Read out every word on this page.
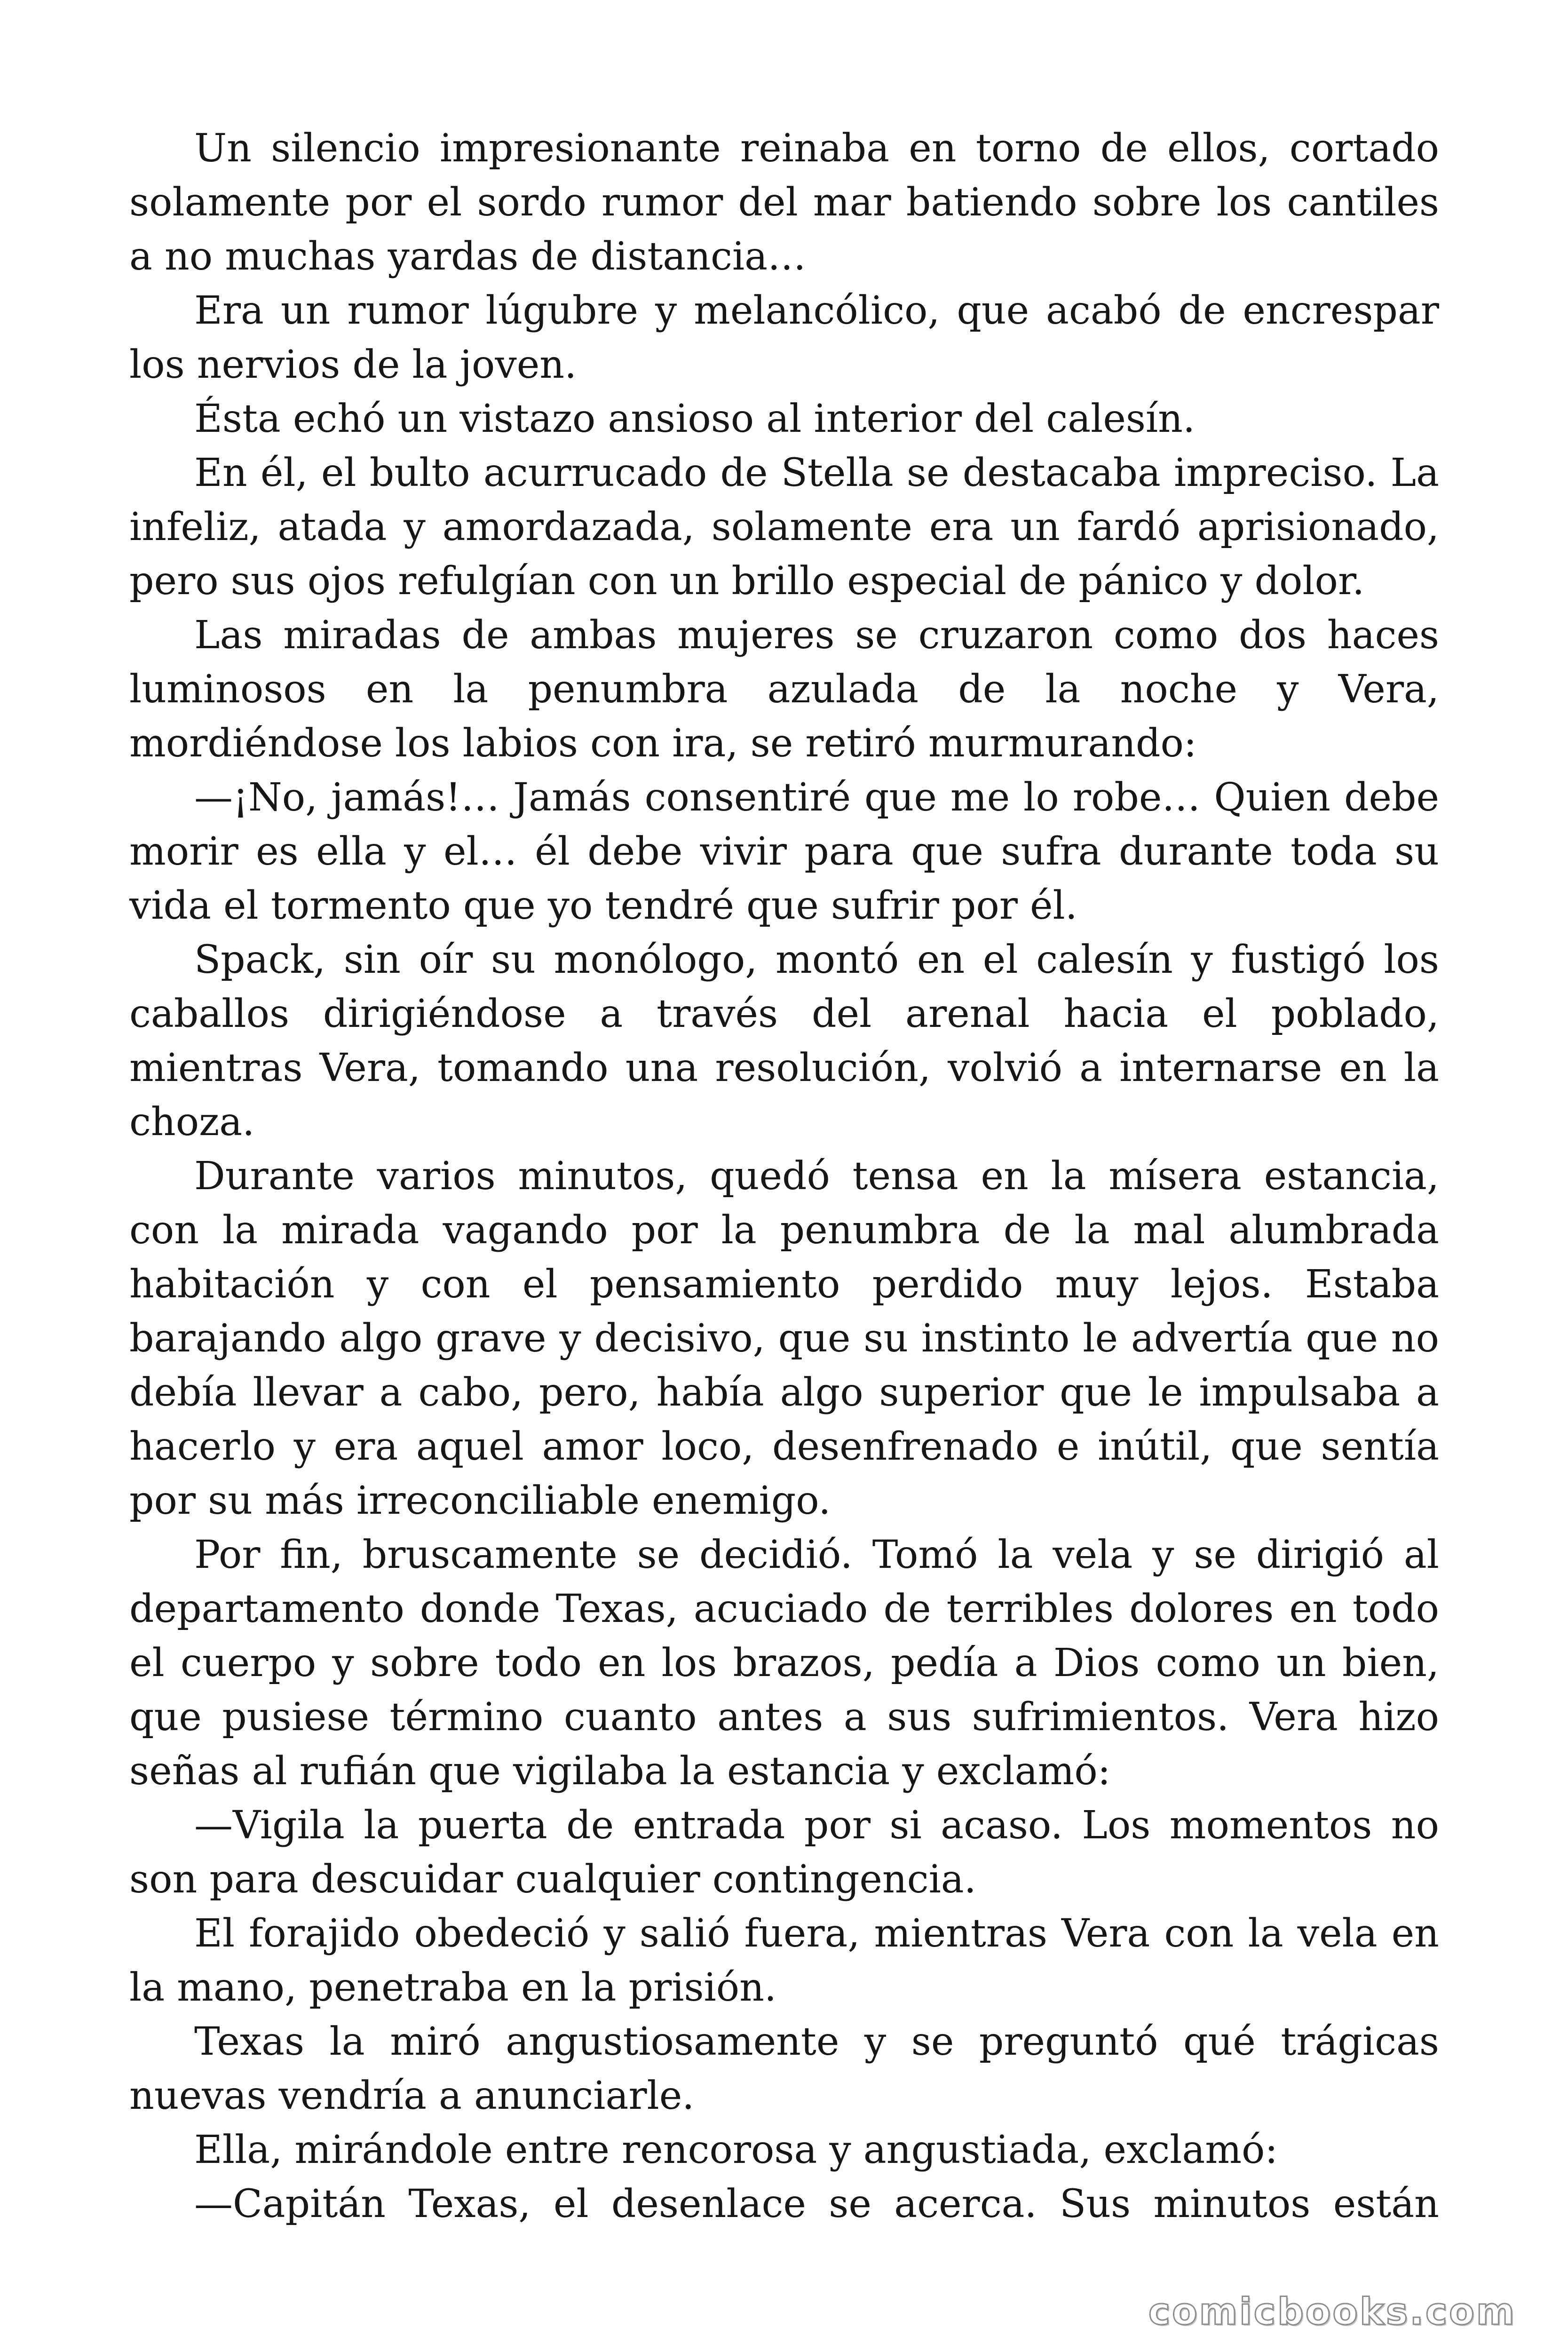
Un silencio impresionante reinaba en torno de ellos, cortado solamente por el sordo rumor del mar batiendo sobre los cantiles a no muchas yardas de distancia…

Era un rumor lúgubre y melancólico, que acabó de encrespar los nervios de la joven.

Ésta echó un vistazo ansioso al interior del calesín.

En él, el bulto acurrucado de Stella se destacaba impreciso. La infeliz, atada y amordazada, solamente era un fardó aprisionado, pero sus ojos refulgían con un brillo especial de pánico y dolor.

Las miradas de ambas mujeres se cruzaron como dos haces luminosos en la penumbra azulada de la noche y Vera, mordiéndose los labios con ira, se retiró murmurando:

—¡No, jamás!… Jamás consentiré que me lo robe… Quien debe morir es ella y el… él debe vivir para que sufra durante toda su vida el tormento que yo tendré que sufrir por él.

Spack, sin oír su monólogo, montó en el calesín y fustigó los caballos dirigiéndose a través del arenal hacia el poblado, mientras Vera, tomando una resolución, volvió a internarse en la choza.

Durante varios minutos, quedó tensa en la mísera estancia, con la mirada vagando por la penumbra de la mal alumbrada habitación y con el pensamiento perdido muy lejos. Estaba barajando algo grave y decisivo, que su instinto le advertía que no debía llevar a cabo, pero, había algo superior que le impulsaba a hacerlo y era aquel amor loco, desenfrenado e inútil, que sentía por su más irreconciliable enemigo.

Por fin, bruscamente se decidió. Tomó la vela y se dirigió al departamento donde Texas, acuciado de terribles dolores en todo el cuerpo y sobre todo en los brazos, pedía a Dios como un bien, que pusiese término cuanto antes a sus sufrimientos. Vera hizo señas al rufián que vigilaba la estancia y exclamó:

—Vigila la puerta de entrada por si acaso. Los momentos no son para descuidar cualquier contingencia.

El forajido obedeció y salió fuera, mientras Vera con la vela en la mano, penetraba en la prisión.

Texas la miró angustiosamente y se preguntó qué trágicas nuevas vendría a anunciarle.

Ella, mirándole entre rencorosa y angustiada, exclamó:

—Capitán Texas, el desenlace se acerca. Sus minutos están

comicbooks.com
